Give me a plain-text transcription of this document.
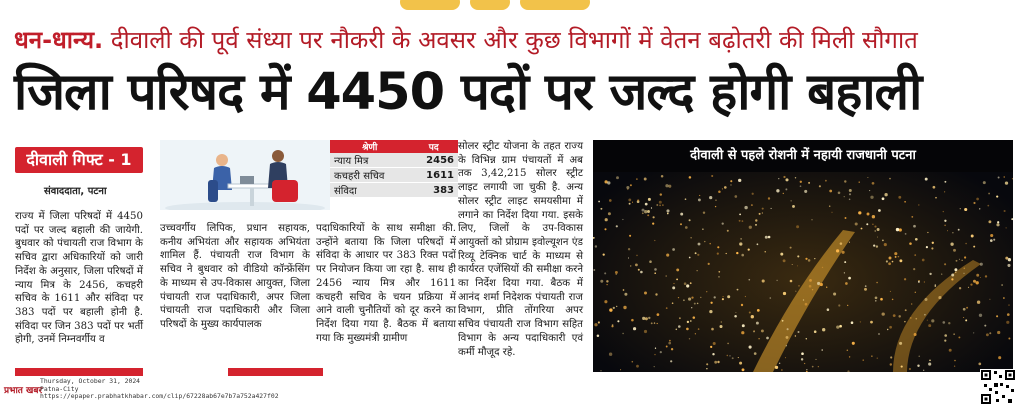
धन-धान्य. दीवाली की पूर्व संध्या पर नौकरी के अवसर और कुछ विभागों में वेतन बढ़ोतरी की मिली सौगात
जिला परिषद में 4450 पदों पर जल्द होगी बहाली
दीवाली गिफ्ट - 1
संवाददाता, पटना
श्रेणी	पद
न्याय मित्र	2456
कचहरी सचिव	1611
संविदा	383
राज्य में जिला परिषदों में 4450 पदों पर जल्द बहाली की जायेगी. बुधवार को पंचायती राज विभाग के सचिव द्वारा अधिकारियों को जारी निर्देश के अनुसार, जिला परिषदों में न्याय मित्र के 2456, कचहरी सचिव के 1611 और संविदा पर 383 पदों पर बहाली होनी है. संविदा पर जिन 383 पदों पर भर्ती होगी, उनमें निम्नवर्गीय व
उच्चवर्गीय लिपिक, प्रधान सहायक, कनीय अभियंता और सहायक अभियंता शामिल हैं. पंचायती राज विभाग के सचिव ने बुधवार को वीडियो कॉन्फ्रेंसिंग के माध्यम से उप-विकास आयुक्त, जिला पंचायती राज पदाधिकारी, अपर जिला पंचायती राज पदाधिकारी और जिला परिषदों के मुख्य कार्यपालक
पदाधिकारियों के साथ समीक्षा की. उन्होंने बताया कि जिला परिषदों में संविदा के आधार पर 383 रिक्त पदों पर नियोजन किया जा रहा है. साथ ही 2456 न्याय मित्र और 1611 कचहरी सचिव के चयन प्रक्रिया में आने वाली चुनौतियों को दूर करने का निर्देश दिया गया है. बैठक में बताया गया कि मुख्यमंत्री ग्रामीण
सोलर स्ट्रीट योजना के तहत राज्य के विभिन्न ग्राम पंचायतों में अब तक 3,42,215 सोलर स्ट्रीट लाइट लगायी जा चुकी है. अन्य सोलर स्ट्रीट लाइट समयसीमा में लगाने का निर्देश दिया गया. इसके लिए, जिलों के उप-विकास आयुक्तों को प्रोग्राम इवोल्यूशन एंड रिव्यू टेक्निक चार्ट के माध्यम से कार्यरत एजेंसियों की समीक्षा करने का निर्देश दिया गया. बैठक में आनंद शर्मा निदेशक पंचायती राज विभाग, प्रीति तोंगरिया अपर सचिव पंचायती राज विभाग सहित विभाग के अन्य पदाधिकारी एवं कर्मी मौजूद रहे.
दीवाली से पहले रोशनी में नहायी राजधानी पटना
प्रभात खबर
Thursday, October 31, 2024
Patna-City
https://epaper.prabhatkhabar.com/clip/67228ab67e7b7a752a427f02
